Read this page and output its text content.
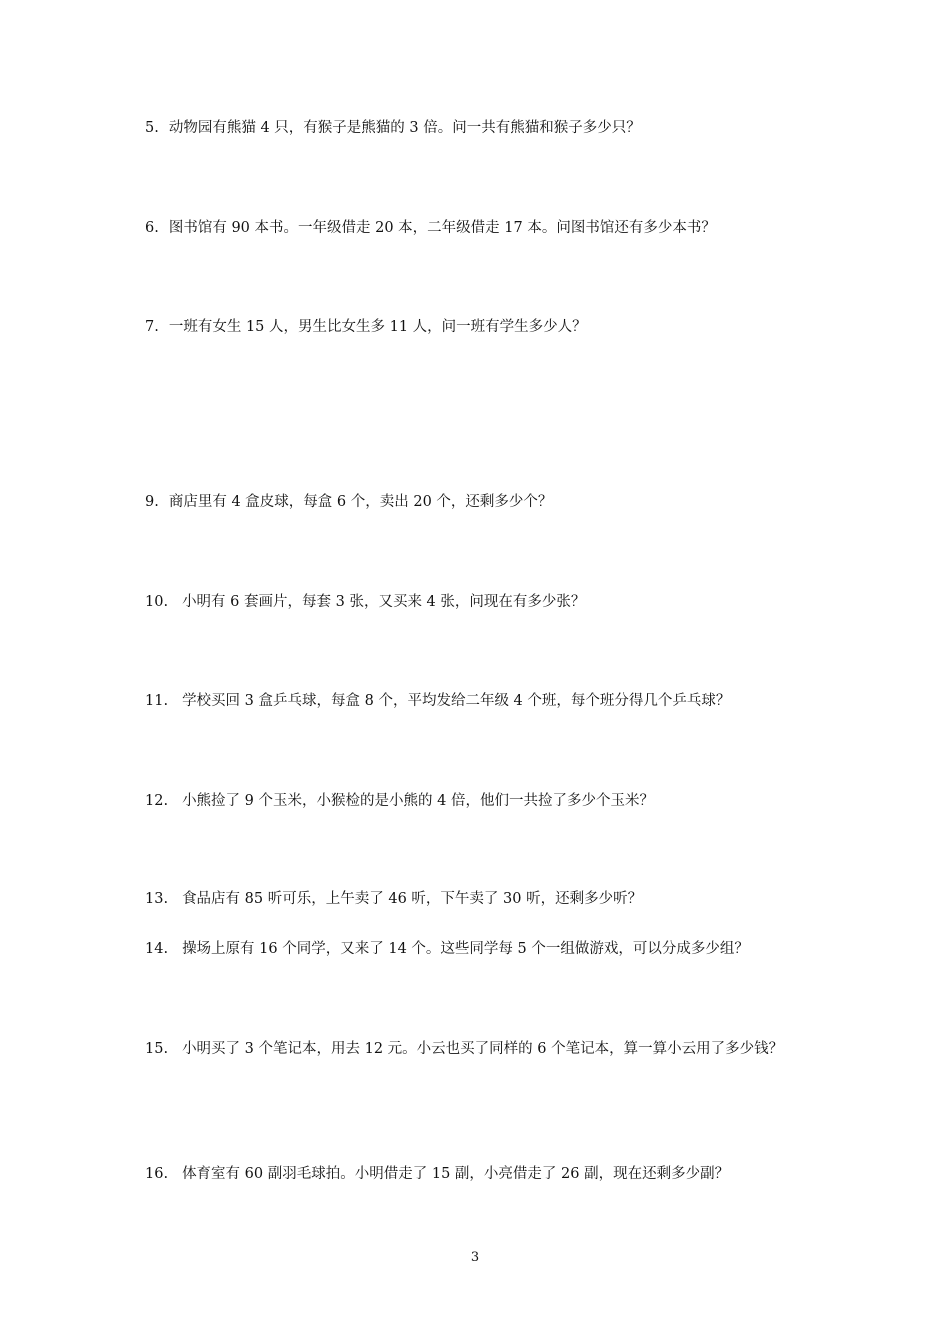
5. 动物园有熊猫 4 只，有猴子是熊猫的 3 倍。问一共有熊猫和猴子多少只？
6. 图书馆有 90 本书。一年级借走 20 本，二年级借走 17 本。问图书馆还有多少本书？
7. 一班有女生 15 人，男生比女生多 11 人，问一班有学生多少人？
9. 商店里有 4 盒皮球，每盒 6 个，卖出 20 个，还剩多少个？
10. 小明有 6 套画片，每套 3 张，又买来 4 张，问现在有多少张？
11. 学校买回 3 盒乒乓球，每盒 8 个，平均发给二年级 4 个班，每个班分得几个乒乓球？
12. 小熊捡了 9 个玉米，小猴检的是小熊的 4 倍，他们一共捡了多少个玉米？
13. 食品店有 85 听可乐，上午卖了 46 听，下午卖了 30 听，还剩多少听？
14. 操场上原有 16 个同学，又来了 14 个。这些同学每 5 个一组做游戏，可以分成多少组？
15. 小明买了 3 个笔记本，用去 12 元。小云也买了同样的 6 个笔记本，算一算小云用了多少钱？
16. 体育室有 60 副羽毛球拍。小明借走了 15 副，小亮借走了 26 副，现在还剩多少副？
3
